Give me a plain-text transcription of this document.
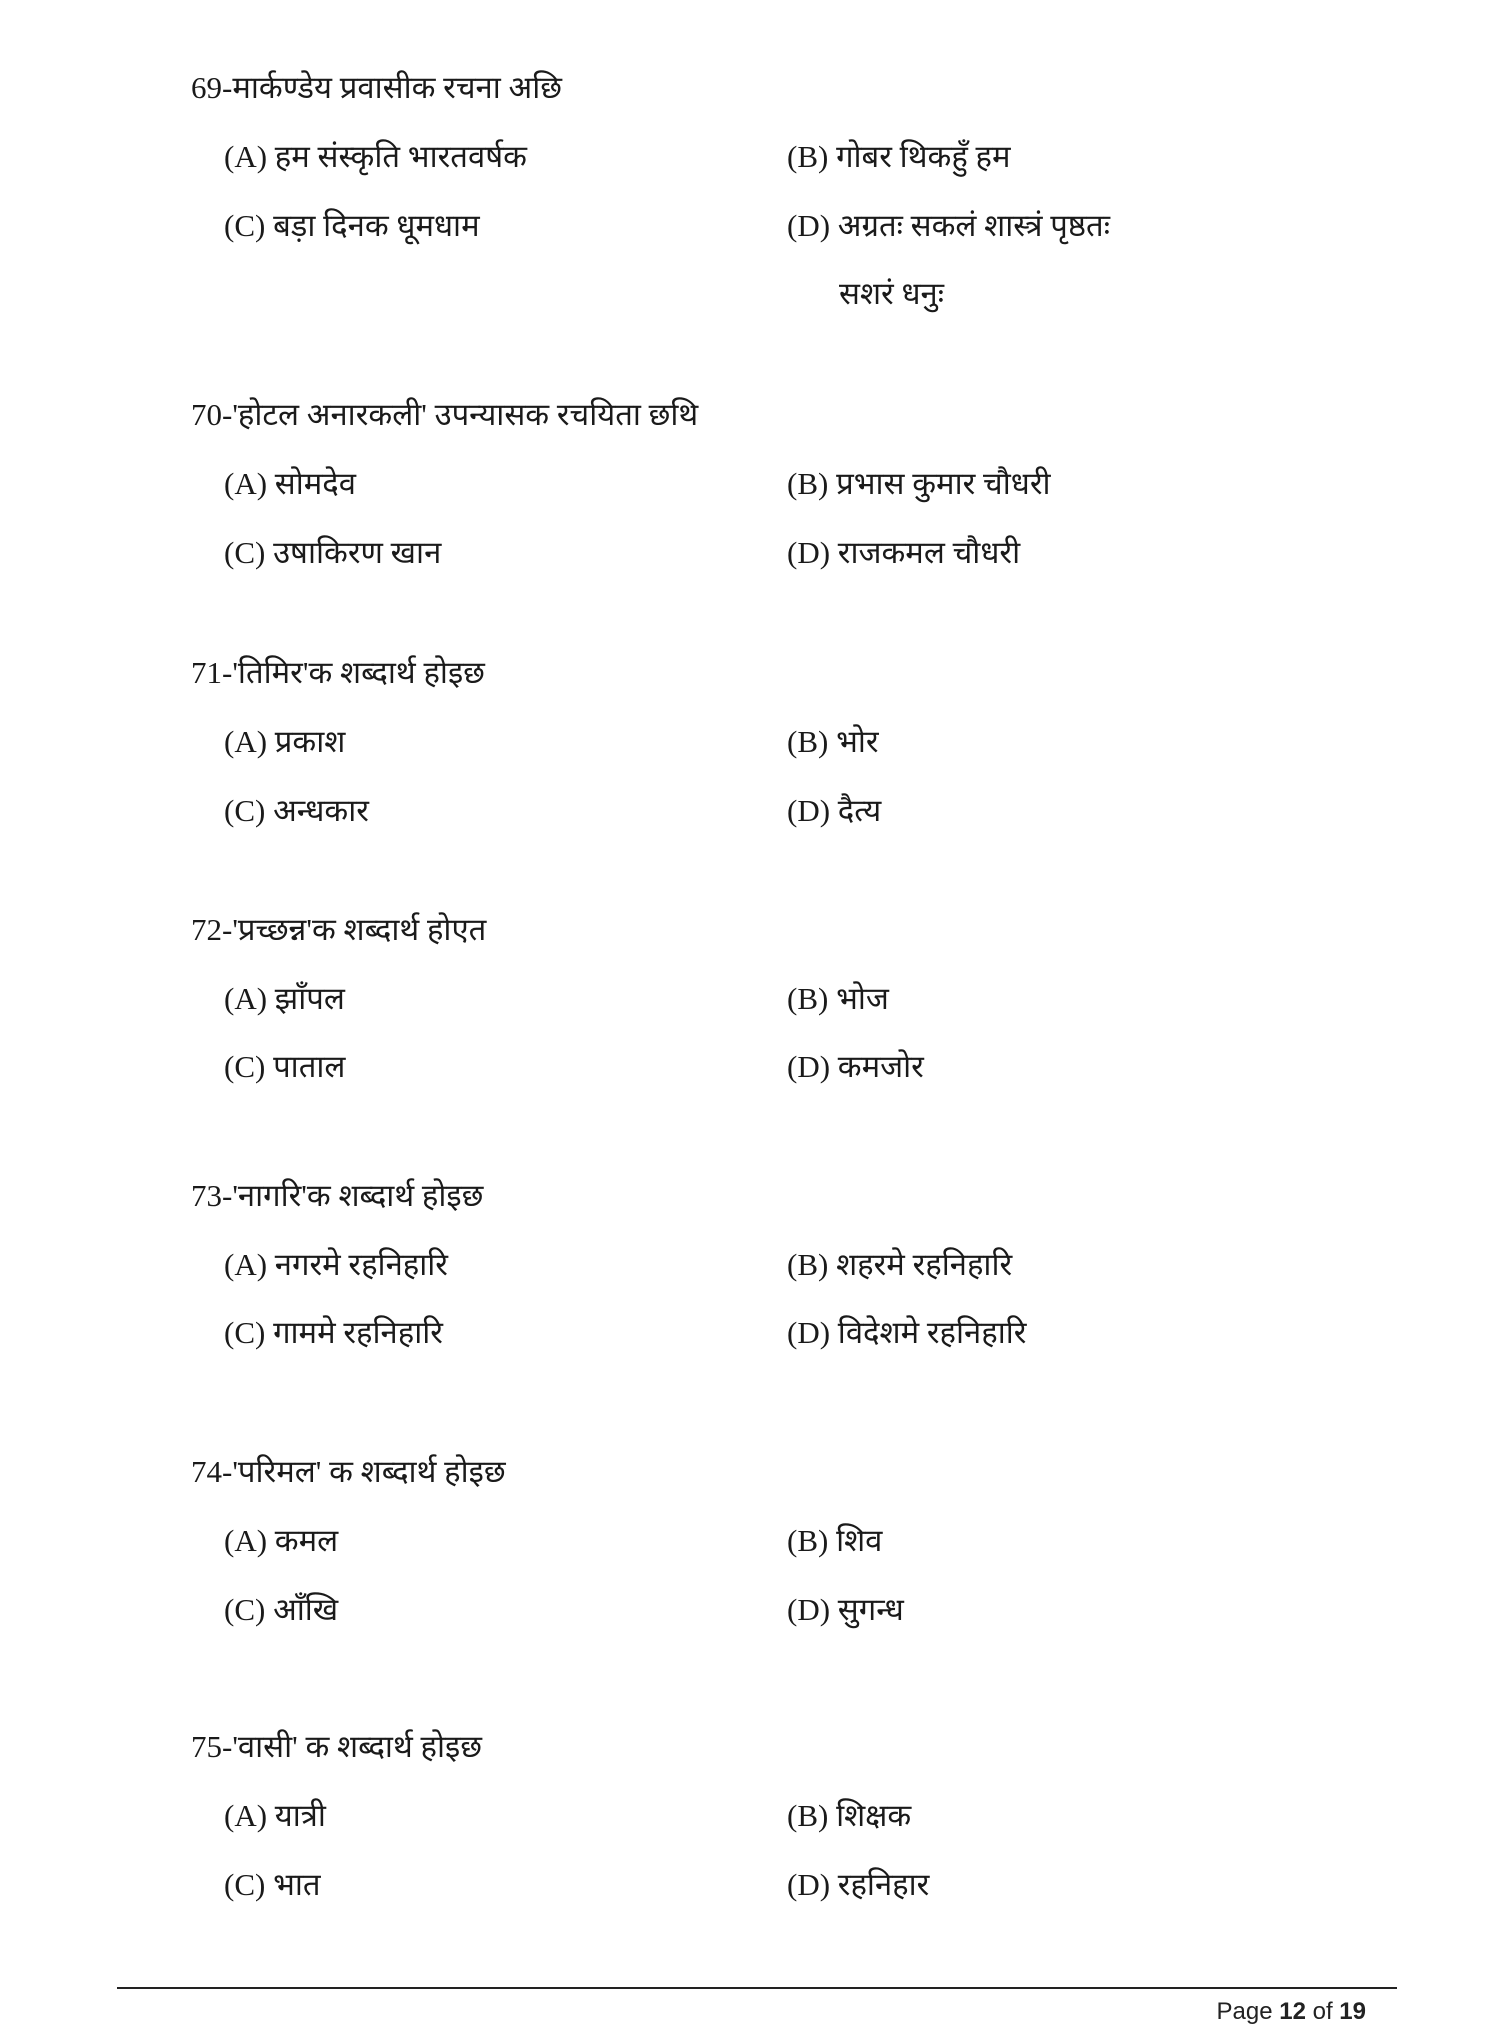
69-मार्कण्डेय प्रवासीक रचना अछि
(A) हम संस्कृति भारतवर्षक	(B) गोबर थिकहुँ हम
(C) बड़ा दिनक धूमधाम	(D) अग्रतः सकलं शास्त्रं पृष्ठतः
सशरं धनुः
70-'होटल अनारकली' उपन्यासक रचयिता छथि
(A) सोमदेव	(B) प्रभास कुमार चौधरी
(C) उषाकिरण खान	(D) राजकमल चौधरी
71-'तिमिर'क शब्दार्थ होइछ
(A) प्रकाश	(B) भोर
(C) अन्धकार	(D) दैत्य
72-'प्रच्छन्न'क शब्दार्थ होएत
(A) झाँपल	(B) भोज
(C) पाताल	(D) कमजोर
73-'नागरि'क शब्दार्थ होइछ
(A) नगरमे रहनिहारि	(B) शहरमे रहनिहारि
(C) गाममे रहनिहारि	(D) विदेशमे रहनिहारि
74-'परिमल' क शब्दार्थ होइछ
(A) कमल	(B) शिव
(C) आँखि	(D) सुगन्ध
75-'वासी' क शब्दार्थ होइछ
(A) यात्री	(B) शिक्षक
(C) भात	(D) रहनिहार
Page 12 of 19
